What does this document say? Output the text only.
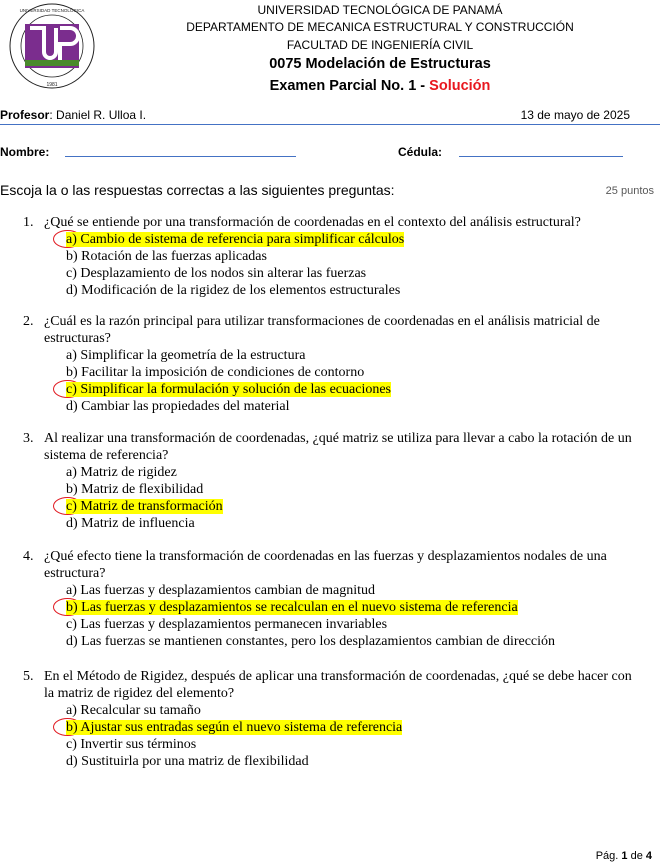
1981
UNIVERSIDAD TECNOLÓGICA	UNIVERSIDAD TECNOLÓGICA DE PANAMÁ
DEPARTAMENTO DE MECANICA ESTRUCTURAL Y CONSTRUCCIÓN
FACULTAD DE INGENIERÍA CIVIL
0075 Modelación de Estructuras
Examen Parcial No. 1 - Solución
Profesor: Daniel R. Ulloa I.	13 de mayo de 2025
Nombre:	Cédula:
Escoja la o las respuestas correctas a las siguientes preguntas:	25 puntos
1. ¿Qué se entiende por una transformación de coordenadas en el contexto del análisis estructural?
a) Cambio de sistema de referencia para simplificar cálculos
b) Rotación de las fuerzas aplicadas
c) Desplazamiento de los nodos sin alterar las fuerzas
d) Modificación de la rigidez de los elementos estructurales
2. ¿Cuál es la razón principal para utilizar transformaciones de coordenadas en el análisis matricial de
estructuras?
a) Simplificar la geometría de la estructura
b) Facilitar la imposición de condiciones de contorno
c) Simplificar la formulación y solución de las ecuaciones
d) Cambiar las propiedades del material
3. Al realizar una transformación de coordenadas, ¿qué matriz se utiliza para llevar a cabo la rotación de un
sistema de referencia?
a) Matriz de rigidez
b) Matriz de flexibilidad
c) Matriz de transformación
d) Matriz de influencia
4. ¿Qué efecto tiene la transformación de coordenadas en las fuerzas y desplazamientos nodales de una
estructura?
a) Las fuerzas y desplazamientos cambian de magnitud
b) Las fuerzas y desplazamientos se recalculan en el nuevo sistema de referencia
c) Las fuerzas y desplazamientos permanecen invariables
d) Las fuerzas se mantienen constantes, pero los desplazamientos cambian de dirección
5. En el Método de Rigidez, después de aplicar una transformación de coordenadas, ¿qué se debe hacer con
la matriz de rigidez del elemento?
a) Recalcular su tamaño
b) Ajustar sus entradas según el nuevo sistema de referencia
c) Invertir sus términos
d) Sustituirla por una matriz de flexibilidad
Pág. 1 de 4
